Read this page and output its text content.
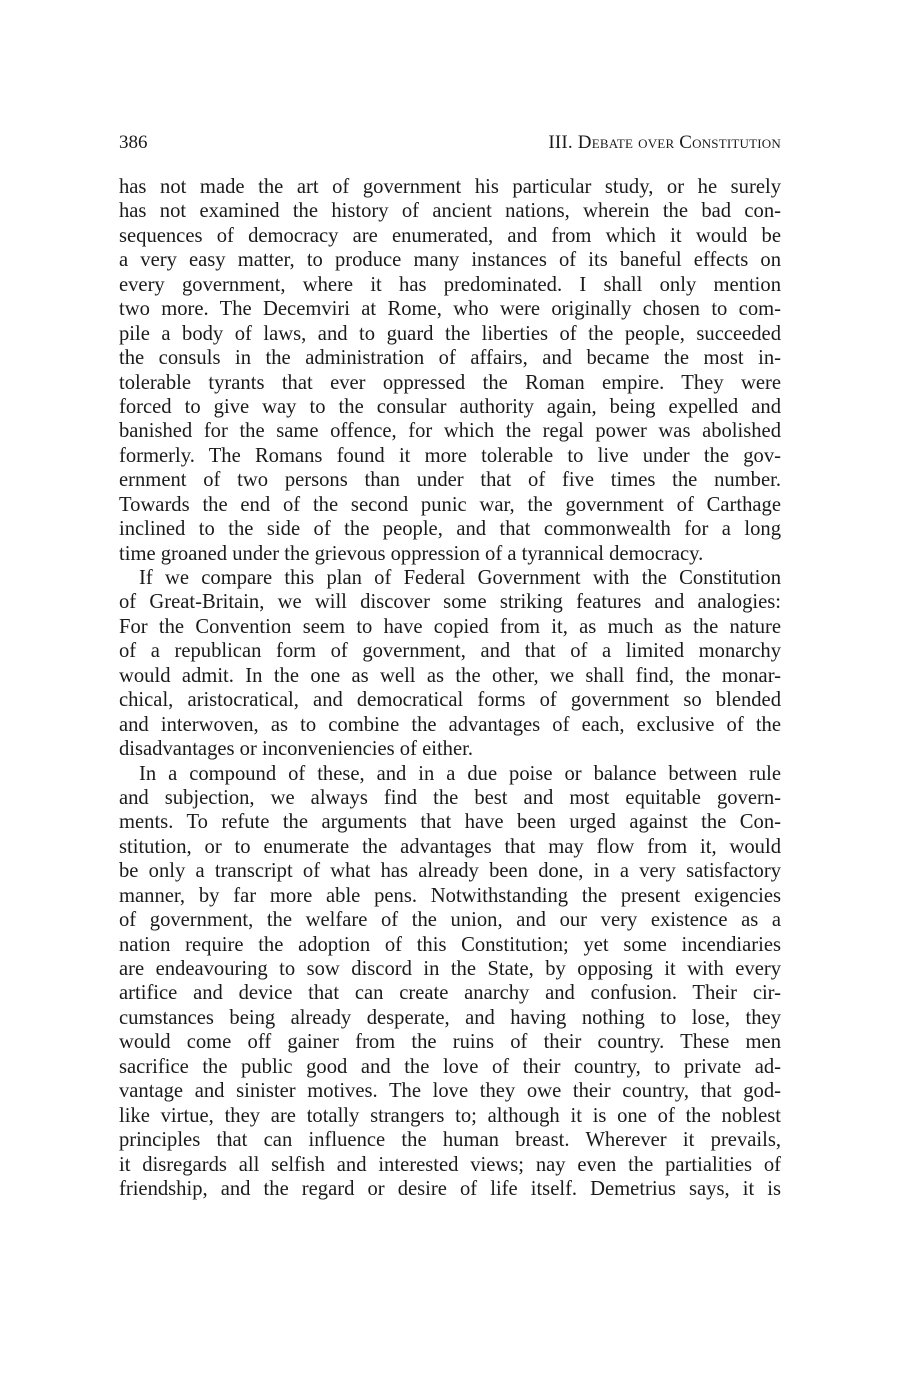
386	III. Debate over Constitution
has not made the art of government his particular study, or he surely
has not examined the history of ancient nations, wherein the bad con-
sequences of democracy are enumerated, and from which it would be
a very easy matter, to produce many instances of its baneful effects on
every government, where it has predominated. I shall only mention
two more. The Decemviri at Rome, who were originally chosen to com-
pile a body of laws, and to guard the liberties of the people, succeeded
the consuls in the administration of affairs, and became the most in-
tolerable tyrants that ever oppressed the Roman empire. They were
forced to give way to the consular authority again, being expelled and
banished for the same offence, for which the regal power was abolished
formerly. The Romans found it more tolerable to live under the gov-
ernment of two persons than under that of five times the number.
Towards the end of the second punic war, the government of Carthage
inclined to the side of the people, and that commonwealth for a long
time groaned under the grievous oppression of a tyrannical democracy.
If we compare this plan of Federal Government with the Constitution
of Great-Britain, we will discover some striking features and analogies:
For the Convention seem to have copied from it, as much as the nature
of a republican form of government, and that of a limited monarchy
would admit. In the one as well as the other, we shall find, the monar-
chical, aristocratical, and democratical forms of government so blended
and interwoven, as to combine the advantages of each, exclusive of the
disadvantages or inconveniencies of either.
In a compound of these, and in a due poise or balance between rule
and subjection, we always find the best and most equitable govern-
ments. To refute the arguments that have been urged against the Con-
stitution, or to enumerate the advantages that may flow from it, would
be only a transcript of what has already been done, in a very satisfactory
manner, by far more able pens. Notwithstanding the present exigencies
of government, the welfare of the union, and our very existence as a
nation require the adoption of this Constitution; yet some incendiaries
are endeavouring to sow discord in the State, by opposing it with every
artifice and device that can create anarchy and confusion. Their cir-
cumstances being already desperate, and having nothing to lose, they
would come off gainer from the ruins of their country. These men
sacrifice the public good and the love of their country, to private ad-
vantage and sinister motives. The love they owe their country, that god-
like virtue, they are totally strangers to; although it is one of the noblest
principles that can influence the human breast. Wherever it prevails,
it disregards all selfish and interested views; nay even the partialities of
friendship, and the regard or desire of life itself. Demetrius says, it is
